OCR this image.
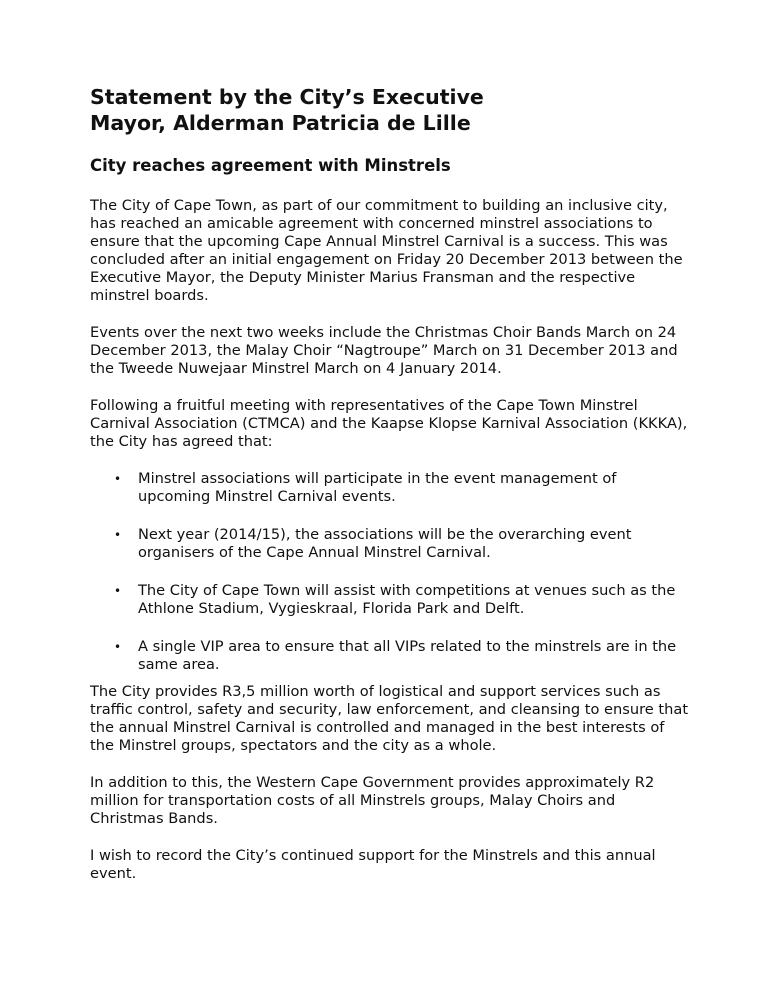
Statement by the City’s Executive Mayor, Alderman Patricia de Lille
City reaches agreement with Minstrels

The City of Cape Town, as part of our commitment to building an inclusive city, has reached an amicable agreement with concerned minstrel associations to ensure that the upcoming Cape Annual Minstrel Carnival is a success. This was concluded after an initial engagement on Friday 20 December 2013 between the Executive Mayor, the Deputy Minister Marius Fransman and the respective minstrel boards.

Events over the next two weeks include the Christmas Choir Bands March on 24 December 2013, the Malay Choir “Nagtroupe” March on 31 December 2013 and the Tweede Nuwejaar Minstrel March on 4 January 2014.

Following a fruitful meeting with representatives of the Cape Town Minstrel Carnival Association (CTMCA) and the Kaapse Klopse Karnival Association (KKKA), the City has agreed that:

• Minstrel associations will participate in the event management of upcoming Minstrel Carnival events.
• Next year (2014/15), the associations will be the overarching event organisers of the Cape Annual Minstrel Carnival.
• The City of Cape Town will assist with competitions at venues such as the Athlone Stadium, Vygieskraal, Florida Park and Delft.
• A single VIP area to ensure that all VIPs related to the minstrels are in the same area.

The City provides R3,5 million worth of logistical and support services such as traffic control, safety and security, law enforcement, and cleansing to ensure that the annual Minstrel Carnival is controlled and managed in the best interests of the Minstrel groups, spectators and the city as a whole.

In addition to this, the Western Cape Government provides approximately R2 million for transportation costs of all Minstrels groups, Malay Choirs and Christmas Bands.

I wish to record the City’s continued support for the Minstrels and this annual event.
